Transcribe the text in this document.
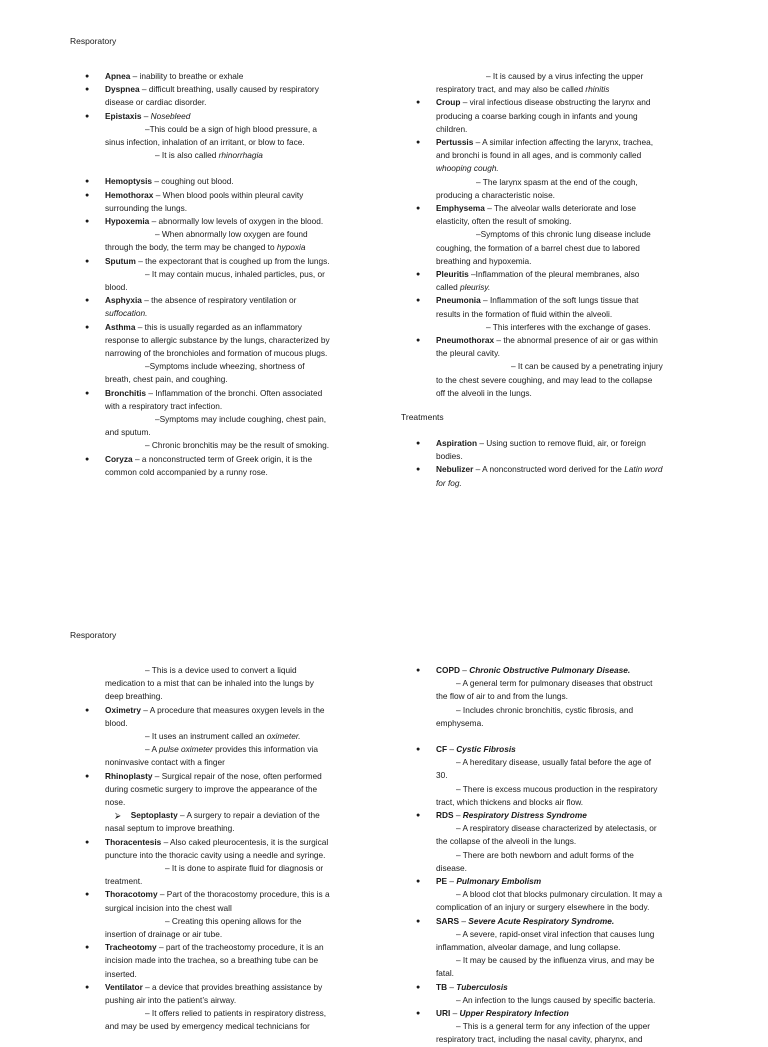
Resporatory
● Apnea – inability to breathe or exhale
● Dyspnea – difficult breathing, usally caused by respiratory disease or cardiac disorder.
● Epistaxis – Nosebleed
–This could be a sign of high blood pressure, a sinus infection, inhalation of an irritant, or blow to face.
– It is also called rhinorrhagia
● Hemoptysis – coughing out blood.
● Hemothorax – When blood pools within pleural cavity surrounding the lungs.
● Hypoxemia – abnormally low levels of oxygen in the blood.
– When abnormally low oxygen are found through the body, the term may be changed to hypoxia
● Sputum – the expectorant that is coughed up from the lungs.
– It may contain mucus, inhaled particles, pus, or blood.
● Asphyxia – the absence of respiratory ventilation or suffocation.
● Asthma – this is usually regarded as an inflammatory response to allergic substance by the lungs, characterized by narrowing of the bronchioles and formation of mucous plugs.
–Symptoms include wheezing, shortness of breath, chest pain, and coughing.
● Bronchitis – Inflammation of the bronchi. Often associated with a respiratory tract infection.
–Symptoms may include coughing, chest pain, and sputum.
– Chronic bronchitis may be the result of smoking.
● Coryza – a nonconstructed term of Greek origin, it is the common cold accompanied by a runny rose.
– It is caused by a virus infecting the upper respiratory tract, and may also be called rhinitis
● Croup – viral infectious disease obstructing the larynx and producing a coarse barking cough in infants and young children.
● Pertussis – A similar infection affecting the larynx, trachea, and bronchi is found in all ages, and is commonly called whooping cough.
– The larynx spasm at the end of the cough, producing a characteristic noise.
● Emphysema – The alveolar walls deteriorate and lose elasticity, often the result of smoking.
–Symptoms of this chronic lung disease include coughing, the formation of a barrel chest due to labored breathing and hypoxemia.
● Pleuritis –Inflammation of the pleural membranes, also called pleurisy.
● Pneumonia – Inflammation of the soft lungs tissue that results in the formation of fluid within the alveoli.
– This interferes with the exchange of gases.
● Pneumothorax – the abnormal presence of air or gas within the pleural cavity.
– It can be caused by a penetrating injury to the chest severe coughing, and may lead to the collapse off the alveoli in the lungs.
Treatments
● Aspiration – Using suction to remove fluid, air, or foreign bodies.
● Nebulizer – A nonconstructed word derived for the Latin word for fog.
Resporatory
– This is a device used to convert a liquid medication to a mist that can be inhaled into the lungs by deep breathing.
● Oximetry – A procedure that measures oxygen levels in the blood.
– It uses an instrument called an oximeter.
– A pulse oximeter provides this information via noninvasive contact with a finger
● Rhinoplasty – Surgical repair of the nose, often performed during cosmetic surgery to improve the appearance of the nose.
⮚ Septoplasty – A surgery to repair a deviation of the nasal septum to improve breathing.
● Thoracentesis – Also caked pleurocentesis, it is the surgical puncture into the thoracic cavity using a needle and syringe.
– It is done to aspirate fluid for diagnosis or treatment.
● Thoracotomy – Part of the thoracostomy procedure, this is a surgical incision into the chest wall
– Creating this opening allows for the insertion of drainage or air tube.
● Tracheotomy – part of the tracheostomy procedure, it is an incision made into the trachea, so a breathing tube can be inserted.
● Ventilator – a device that provides breathing assistance by pushing air into the patient’s airway.
– It offers relied to patients in respiratory distress, and may be used by emergency medical technicians for
● COPD – Chronic Obstructive Pulmonary Disease.
– A general term for pulmonary diseases that obstruct the flow of air to and from the lungs.
– Includes chronic bronchitis, cystic fibrosis, and emphysema.
● CF – Cystic Fibrosis
– A hereditary disease, usually fatal before the age of 30.
– There is excess mucous production in the respiratory tract, which thickens and blocks air flow.
● RDS – Respiratory Distress Syndrome
– A respiratory disease characterized by atelectasis, or the collapse of the alveoli in the lungs.
– There are both newborn and adult forms of the disease.
● PE – Pulmonary Embolism
– A blood clot that blocks pulmonary circulation. It may a complication of an injury or surgery elsewhere in the body.
● SARS – Severe Acute Respiratory Syndrome.
– A severe, rapid-onset viral infection that causes lung inflammation, alveolar damage, and lung collapse.
– It may be caused by the influenza virus, and may be fatal.
● TB – Tuberculosis
– An infection to the lungs caused by specific bacteria.
● URI – Upper Respiratory Infection
– This is a general term for any infection of the upper respiratory tract, including the nasal cavity, pharynx, and
